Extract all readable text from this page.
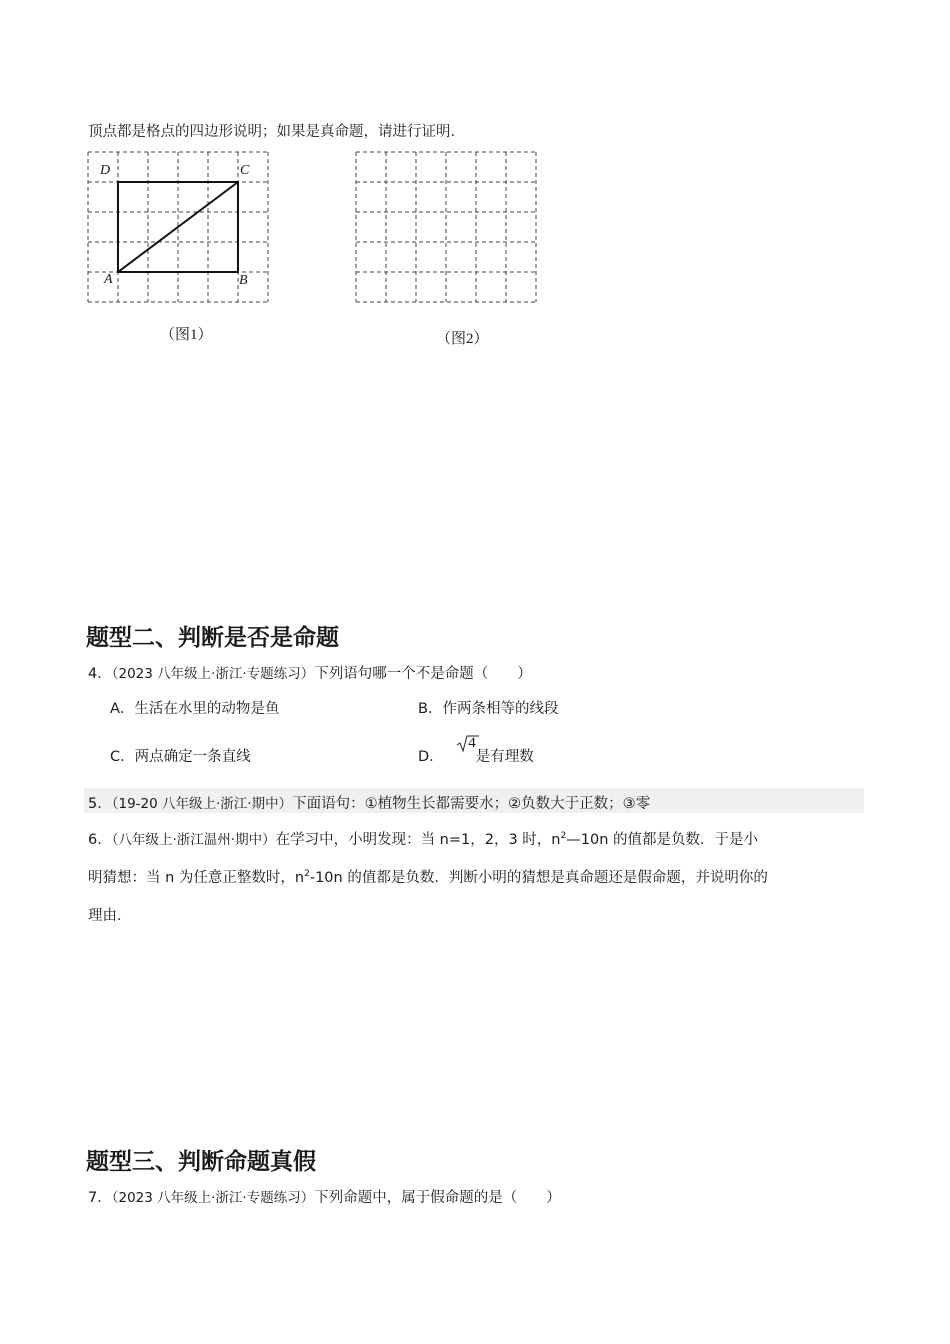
顶点都是格点的四边形说明；如果是真命题，请进行证明．
D	C
A	B
（图1）	（图2）
题型二、判断是否是命题
4．（2023 八年级上·浙江·专题练习）下列语句哪一个不是命题（　　）
A．生活在水里的动物是鱼	B．作两条相等的线段
C．两点确定一条直线	D．
4是有理数
5．（19-20 八年级上·浙江·期中）下面语句：①植物生长都需要水；②负数大于正数；③零
6．（八年级上·浙江温州·期中）在学习中，小明发现：当 n=1，2，3 时，$n^2—10n$ 的值都是负数．于是小
明猜想：当 n 为任意正整数时，$n^2-10n$ 的值都是负数．判断小明的猜想是真命题还是假命题，并说明你的
理由．
题型三、判断命题真假
7．（2023 八年级上·浙江·专题练习）下列命题中，属于假命题的是（　　）
